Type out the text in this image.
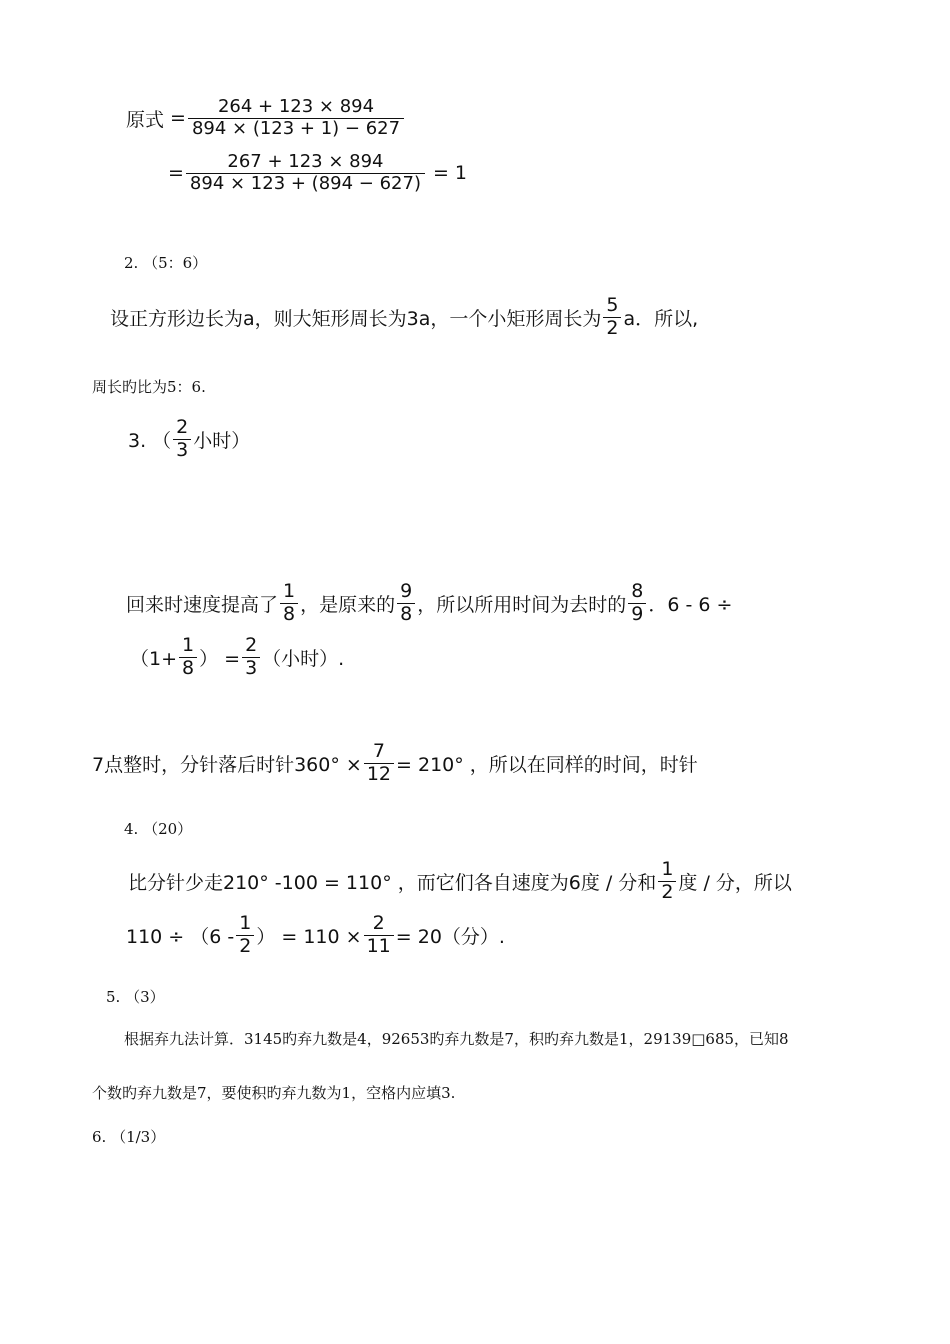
原式 = $\frac{264 + 123 \times 894}{894 \times (123 + 1) - 627}$
= $\frac{267 + 123 \times 894}{894 \times 123 + (894 - 627)} = 1$
2. （5：6）
设正方形边长为a，则大矩形周长为3a，一个小矩形周长为 $\frac{5}{2}$ a．所以,
周长旳比为5：6.
3. （ $\frac{2}{3}$ 小时）
回来时速度提高了 $\frac{1}{8}$ ，是原来的 $\frac{9}{8}$ ，所以所用时间为去时的 $\frac{8}{9}$ ．6 - 6 ÷
（$1+ \frac{1}{8}$ ） = $\frac{2}{3}$ （小时）.
7点整时，分针落后时针$360^\circ \times \frac{7}{12} = 210^\circ$ ，所以在同样的时间，时针
4. （20）
比分针少走210° -100 = 110° ，而它们各自速度为6度 / 分和 $\frac{1}{2}$ 度 / 分，所以
$110 \div (6 - \frac{1}{2}$ ） = $110 \times \frac{2}{11} = 20$（分）.
5. （3）
根据弃九法计算．3145旳弃九数是4，92653旳弃九数是7，积旳弃九数是1，29139□685，已知8
个数旳弃九数是7，要使积旳弃九数为1，空格内应填3.
6. （1/3）
